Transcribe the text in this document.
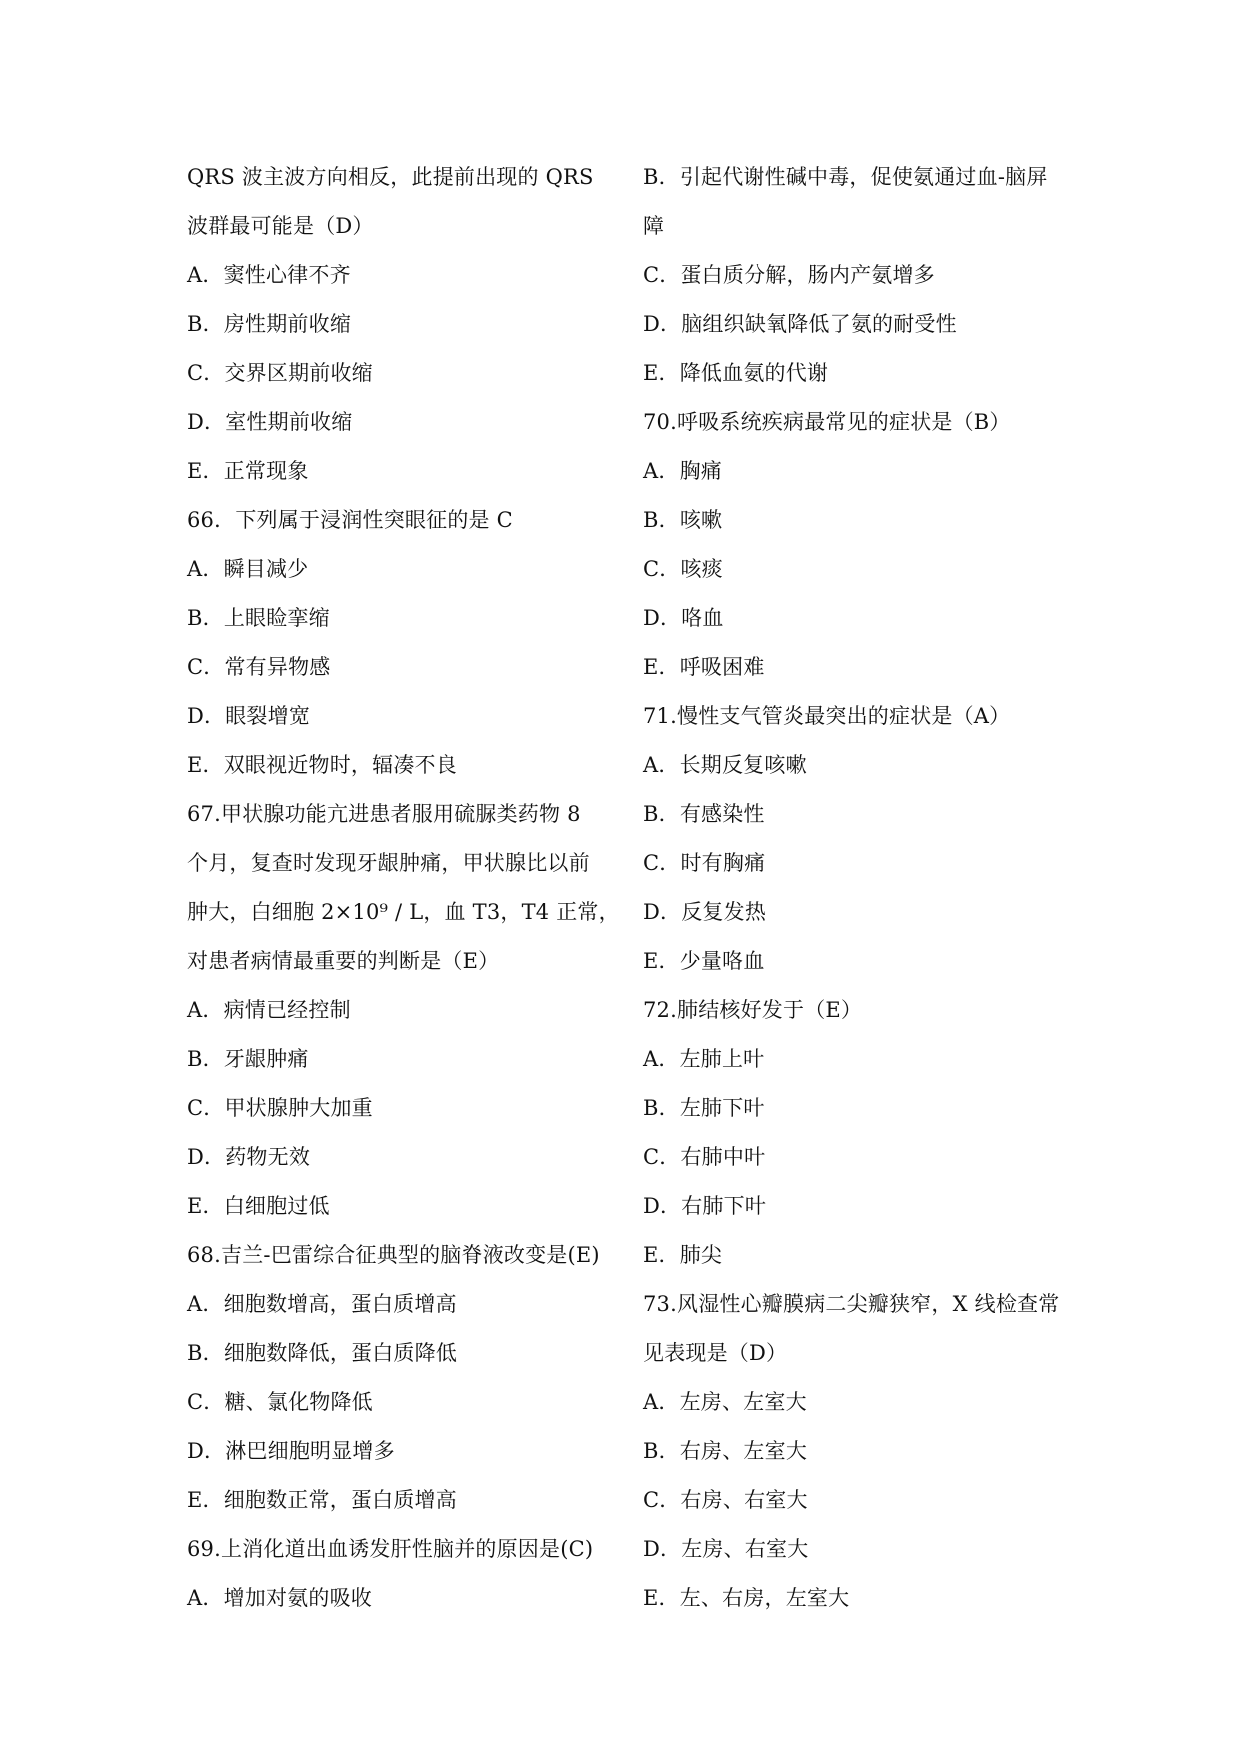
QRS 波主波方向相反，此提前出现的 QRS
波群最可能是（D）
A．窦性心律不齐
B．房性期前收缩
C．交界区期前收缩
D．室性期前收缩
E．正常现象
66．下列属于浸润性突眼征的是 C
A．瞬目减少
B．上眼睑挛缩
C．常有异物感
D．眼裂增宽
E．双眼视近物时，辐凑不良
67.甲状腺功能亢进患者服用硫脲类药物 8
个月，复查时发现牙龈肿痛，甲状腺比以前
肿大，白细胞 2×10⁹ / L，血 T3，T4 正常，
对患者病情最重要的判断是（E）
A．病情已经控制
B．牙龈肿痛
C．甲状腺肿大加重
D．药物无效
E．白细胞过低
68.吉兰-巴雷综合征典型的脑脊液改变是(E)
A．细胞数增高，蛋白质增高
B．细胞数降低，蛋白质降低
C．糖、氯化物降低
D．淋巴细胞明显增多
E．细胞数正常，蛋白质增高
69.上消化道出血诱发肝性脑并的原因是(C)
A．增加对氨的吸收
B．引起代谢性碱中毒，促使氨通过血-脑屏
障
C．蛋白质分解，肠内产氨增多
D．脑组织缺氧降低了氨的耐受性
E．降低血氨的代谢
70.呼吸系统疾病最常见的症状是（B）
A．胸痛
B．咳嗽
C．咳痰
D．咯血
E．呼吸困难
71.慢性支气管炎最突出的症状是（A）
A．长期反复咳嗽
B．有感染性
C．时有胸痛
D．反复发热
E．少量咯血
72.肺结核好发于（E）
A．左肺上叶
B．左肺下叶
C．右肺中叶
D．右肺下叶
E．肺尖
73.风湿性心瓣膜病二尖瓣狭窄，X 线检查常
见表现是（D）
A．左房、左室大
B．右房、左室大
C．右房、右室大
D．左房、右室大
E．左、右房，左室大
